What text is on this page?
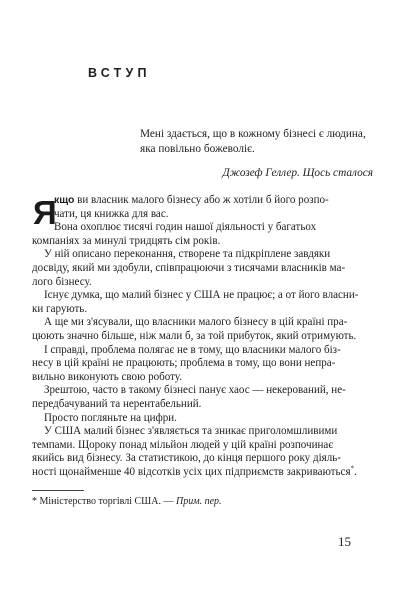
ВСТУП
Мені здається, що в кожному бізнесі є людина,
яка повільно божеволіє.
Джозеф Геллер. Щось сталося
Я
кщо ви власник малого бізнесу або ж хотіли б його розпо-
чати, ця книжка для вас.
Вона охоплює тисячі годин нашої діяльності у багатьох
компаніях за минулі тридцять сім років.
У ній описано переконання, створене та підкріплене завдяки
досвіду, який ми здобули, співпрацюючи з тисячами власників ма-
лого бізнесу.
Існує думка, що малий бізнес у США не працює; а от його власни-
ки гарують.
А ще ми з'ясували, що власники малого бізнесу в цій країні пра-
цюють значно більше, ніж мали б, за той прибуток, який отримують.
І справді, проблема полягає не в тому, що власники малого біз-
несу в цій країні не працюють; проблема в тому, що вони непра-
вильно виконують свою роботу.
Зрештою, часто в такому бізнесі панує хаос — некерований, не-
передбачуваний та нерентабельний.
Просто погляньте на цифри.
У США малий бізнес з'являється та зникає приголомшливими
темпами. Щороку понад мільйон людей у цій країні розпочинає
якийсь вид бізнесу. За статистикою, до кінця першого року діяль-
ності щонайменше 40 відсотків усіх цих підприємств закриваються*.
* Міністерство торгівлі США. — Прим. пер.
15
